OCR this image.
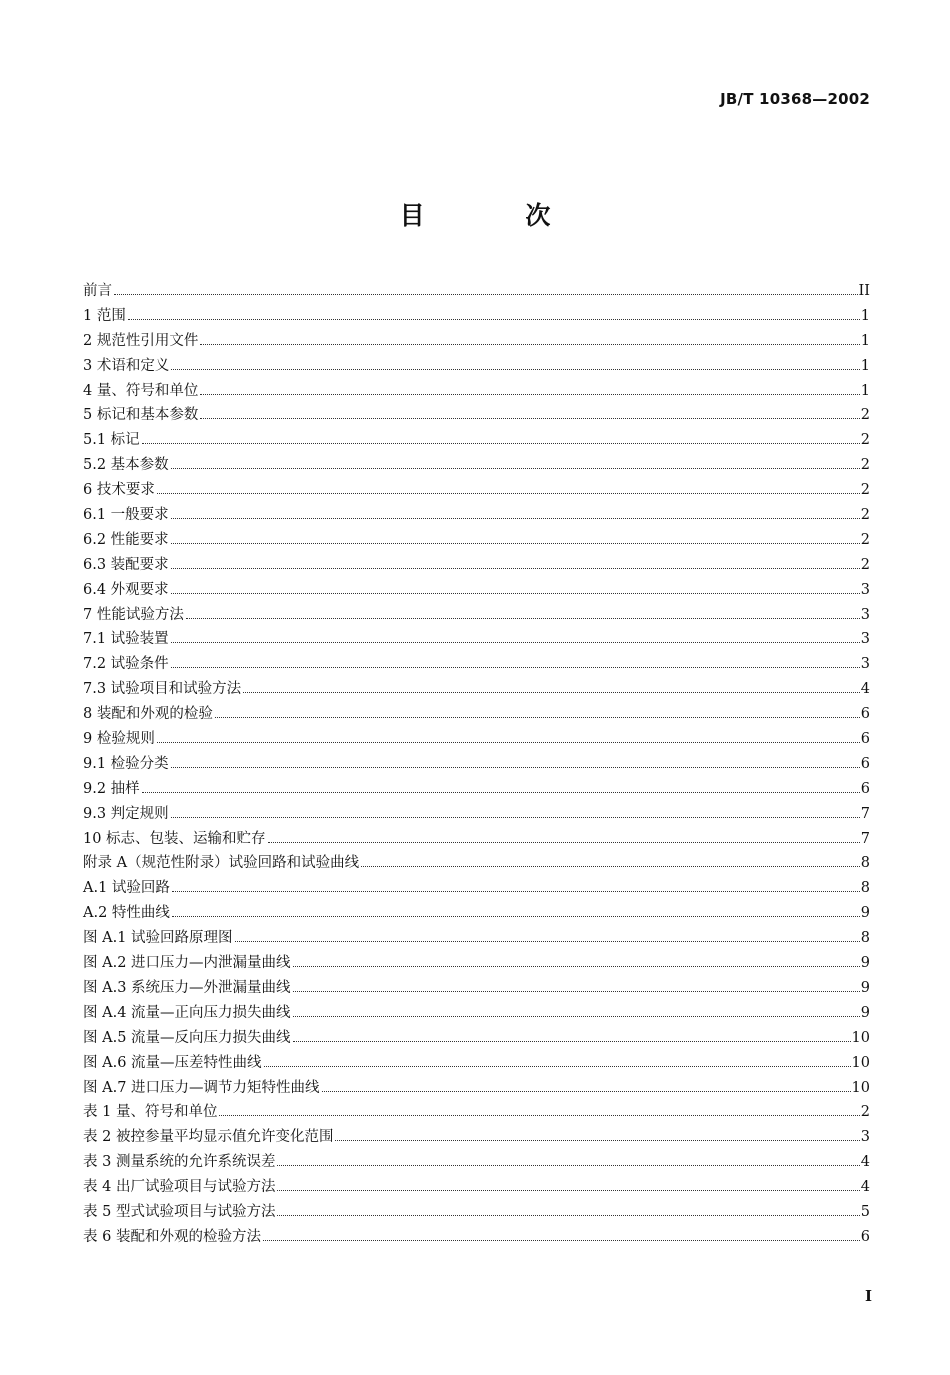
JB/T 10368—2002
目 次
前言	II
1 范围	1
2 规范性引用文件	1
3 术语和定义	1
4 量、符号和单位	1
5 标记和基本参数	2
5.1 标记	2
5.2 基本参数	2
6 技术要求	2
6.1 一般要求	2
6.2 性能要求	2
6.3 装配要求	2
6.4 外观要求	3
7 性能试验方法	3
7.1 试验装置	3
7.2 试验条件	3
7.3 试验项目和试验方法	4
8 装配和外观的检验	6
9 检验规则	6
9.1 检验分类	6
9.2 抽样	6
9.3 判定规则	7
10 标志、包装、运输和贮存	7
附录 A（规范性附录）试验回路和试验曲线	8
A.1 试验回路	8
A.2 特性曲线	9
图 A.1 试验回路原理图	8
图 A.2 进口压力—内泄漏量曲线	9
图 A.3 系统压力—外泄漏量曲线	9
图 A.4 流量—正向压力损失曲线	9
图 A.5 流量—反向压力损失曲线	10
图 A.6 流量—压差特性曲线	10
图 A.7 进口压力—调节力矩特性曲线	10
表 1 量、符号和单位	2
表 2 被控参量平均显示值允许变化范围	3
表 3 测量系统的允许系统误差	4
表 4 出厂试验项目与试验方法	4
表 5 型式试验项目与试验方法	5
表 6 装配和外观的检验方法	6
I
